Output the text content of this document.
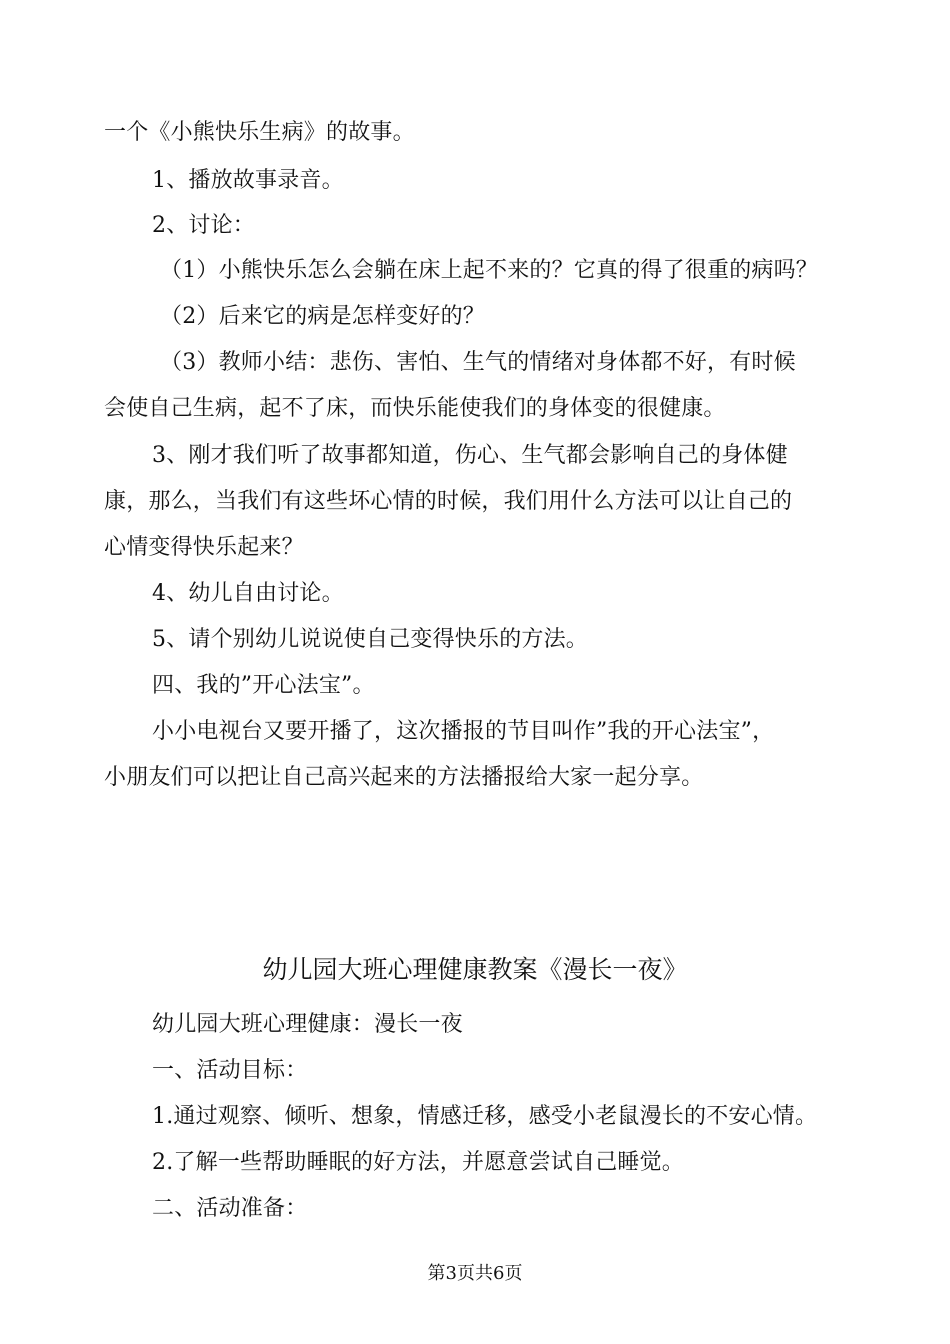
一个《小熊快乐生病》的故事。
1、播放故事录音。
2、讨论：
（1）小熊快乐怎么会躺在床上起不来的？它真的得了很重的病吗？
（2）后来它的病是怎样变好的？
（3）教师小结：悲伤、害怕、生气的情绪对身体都不好，有时候
会使自己生病，起不了床，而快乐能使我们的身体变的很健康。
3、刚才我们听了故事都知道，伤心、生气都会影响自己的身体健
康，那么，当我们有这些坏心情的时候，我们用什么方法可以让自己的
心情变得快乐起来？
4、幼儿自由讨论。
5、请个别幼儿说说使自己变得快乐的方法。
四、我的”开心法宝”。
小小电视台又要开播了，这次播报的节目叫作”我的开心法宝”，
小朋友们可以把让自己高兴起来的方法播报给大家一起分享。
幼儿园大班心理健康教案《漫长一夜》
幼儿园大班心理健康：漫长一夜
一、活动目标：
1.通过观察、倾听、想象，情感迁移，感受小老鼠漫长的不安心情。
2.了解一些帮助睡眠的好方法，并愿意尝试自己睡觉。
二、活动准备：
第3页共6页
